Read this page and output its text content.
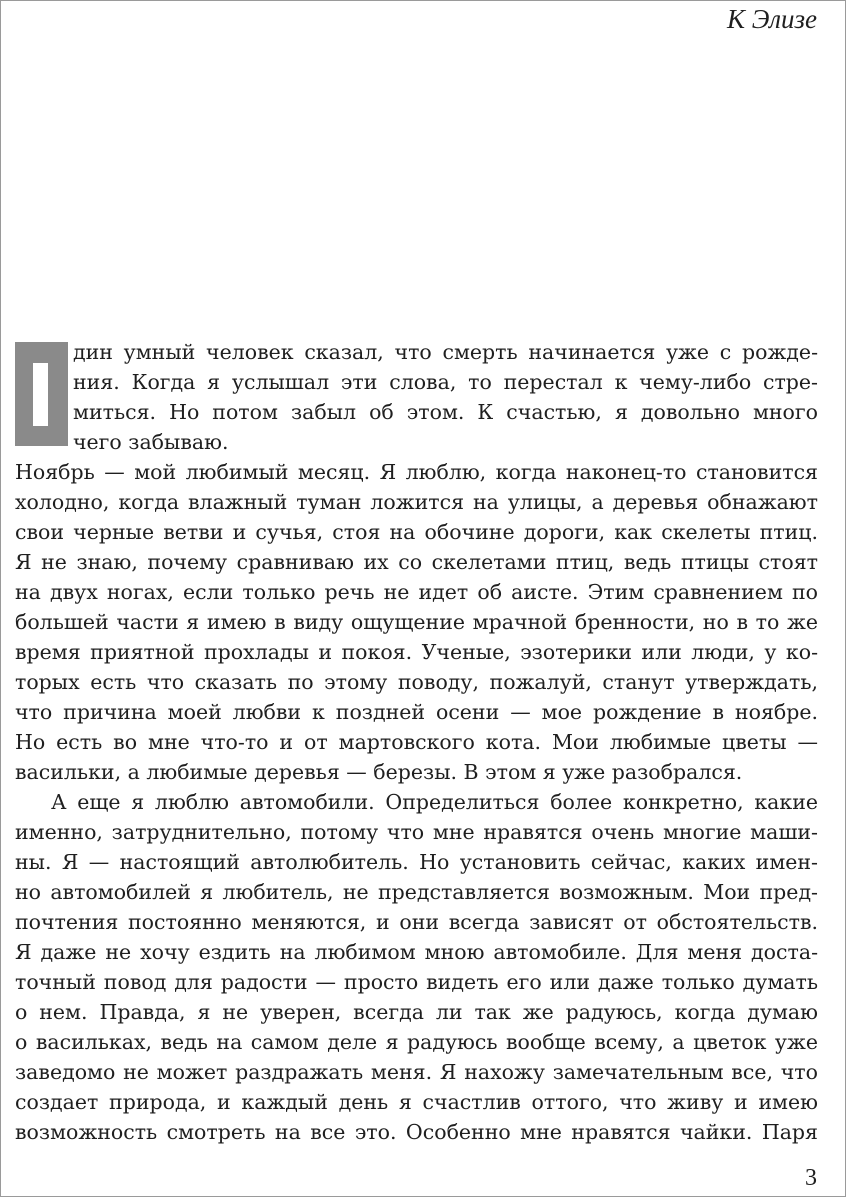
К Элизе
дин умный человек сказал, что смерть начинается уже с рожде-
ния. Когда я услышал эти слова, то перестал к чему-либо стре-
миться. Но потом забыл об этом. К счастью, я довольно много
чего забываю.
Ноябрь — мой любимый месяц. Я люблю, когда наконец-то становится
холодно, когда влажный туман ложится на улицы, а деревья обнажают
свои черные ветви и сучья, стоя на обочине дороги, как скелеты птиц.
Я не знаю, почему сравниваю их со скелетами птиц, ведь птицы стоят
на двух ногах, если только речь не идет об аисте. Этим сравнением по
большей части я имею в виду ощущение мрачной бренности, но в то же
время приятной прохлады и покоя. Ученые, эзотерики или люди, у ко-
торых есть что сказать по этому поводу, пожалуй, станут утверждать,
что причина моей любви к поздней осени — мое рождение в ноябре.
Но есть во мне что-то и от мартовского кота. Мои любимые цветы —
васильки, а любимые деревья — березы. В этом я уже разобрался.
А еще я люблю автомобили. Определиться более конкретно, какие
именно, затруднительно, потому что мне нравятся очень многие маши-
ны. Я — настоящий автолюбитель. Но установить сейчас, каких имен-
но автомобилей я любитель, не представляется возможным. Мои пред-
почтения постоянно меняются, и они всегда зависят от обстоятельств.
Я даже не хочу ездить на любимом мною автомобиле. Для меня доста-
точный повод для радости — просто видеть его или даже только думать
о нем. Правда, я не уверен, всегда ли так же радуюсь, когда думаю
о васильках, ведь на самом деле я радуюсь вообще всему, а цветок уже
заведомо не может раздражать меня. Я нахожу замечательным все, что
создает природа, и каждый день я счастлив оттого, что живу и имею
возможность смотреть на все это. Особенно мне нравятся чайки. Паря
3
